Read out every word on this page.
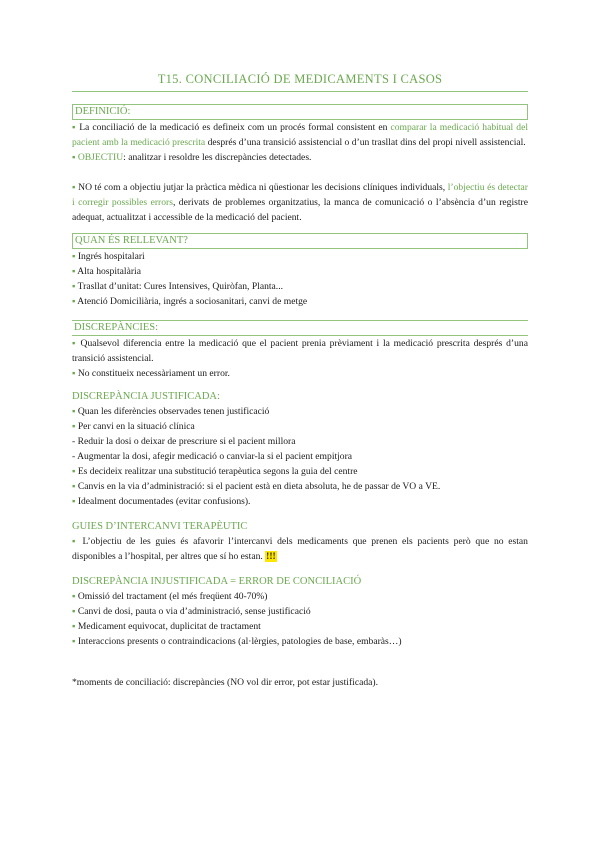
T15. CONCILIACIÓ DE MEDICAMENTS I CASOS
DEFINICIÓ:

▪ La conciliació de la medicació es defineix com un procés formal consistent en comparar la medicació habitual del pacient amb la medicació prescrita després d’una transició assistencial o d’un trasllat dins del propi nivell assistencial.

▪ OBJECTIU: analitzar i resoldre les discrepàncies detectades.

▪ NO té com a objectiu jutjar la pràctica mèdica ni qüestionar les decisions clíniques individuals, l’objectiu és detectar i corregir possibles errors, derivats de problemes organitzatius, la manca de comunicació o l’absència d’un registre adequat, actualitzat i accessible de la medicació del pacient.

QUAN ÉS RELLEVANT?
▪ Ingrés hospitalari
▪ Alta hospitalària
▪ Trasllat d’unitat: Cures Intensives, Quiròfan, Planta...
▪ Atenció Domiciliària, ingrés a sociosanitari, canvi de metge
DISCREPÀNCIES:
▪ Qualsevol diferencia entre la medicació que el pacient prenia prèviament i la medicació prescrita després d’una transició assistencial.
▪ No constitueix necessàriament un error.
DISCREPÀNCIA JUSTIFICADA:
▪ Quan les diferències observades tenen justificació
▪ Per canvi en la situació clínica
- Reduir la dosi o deixar de prescriure si el pacient millora
- Augmentar la dosi, afegir medicació o canviar-la si el pacient empitjora
▪ Es decideix realitzar una substitució terapèutica segons la guia del centre
▪ Canvis en la via d’administració: si el pacient està en dieta absoluta, he de passar de VO a VE.
▪ Idealment documentades (evitar confusions).
GUIES D’INTERCANVI TERAPÈUTIC

▪ L’objectiu de les guies és afavorir l’intercanvi dels medicaments que prenen els pacients però que no estan disponibles a l’hospital, per altres que sí ho estan. !!!

DISCREPÀNCIA INJUSTIFICADA = ERROR DE CONCILIACIÓ
▪ Omissió del tractament (el més freqüent 40-70%)
▪ Canvi de dosi, pauta o via d’administració, sense justificació
▪ Medicament equivocat, duplicitat de tractament
▪ Interaccions presents o contraindicacions (al·lèrgies, patologies de base, embaràs…)

*moments de conciliació: discrepàncies (NO vol dir error, pot estar justificada).
